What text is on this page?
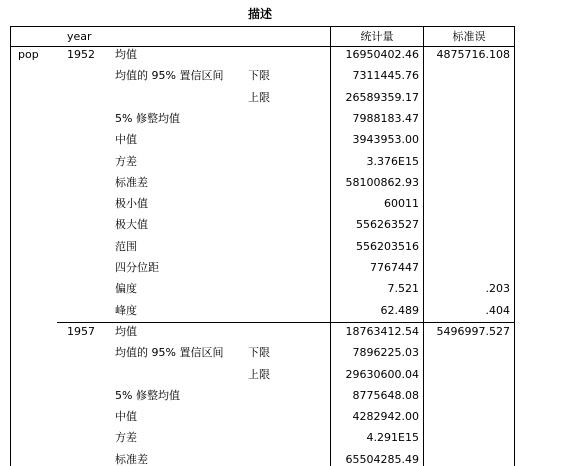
描述
year	统计量	标准误
pop	1952 均值	16950402.46	4875716.108
均值的 95% 置信区间 下限	7311445.76
上限	26589359.17
5% 修整均值	7988183.47
中值	3943953.00
方差	3.376E15
标准差	58100862.93
极小值	60011
极大值	556263527
范围	556203516
四分位距	7767447
偏度	7.521	.203
峰度	62.489	.404
1957 均值	18763412.54	5496997.527
均值的 95% 置信区间 下限	7896225.03
上限	29630600.04
5% 修整均值	8775648.08
中值	4282942.00
方差	4.291E15
标准差	65504285.49
